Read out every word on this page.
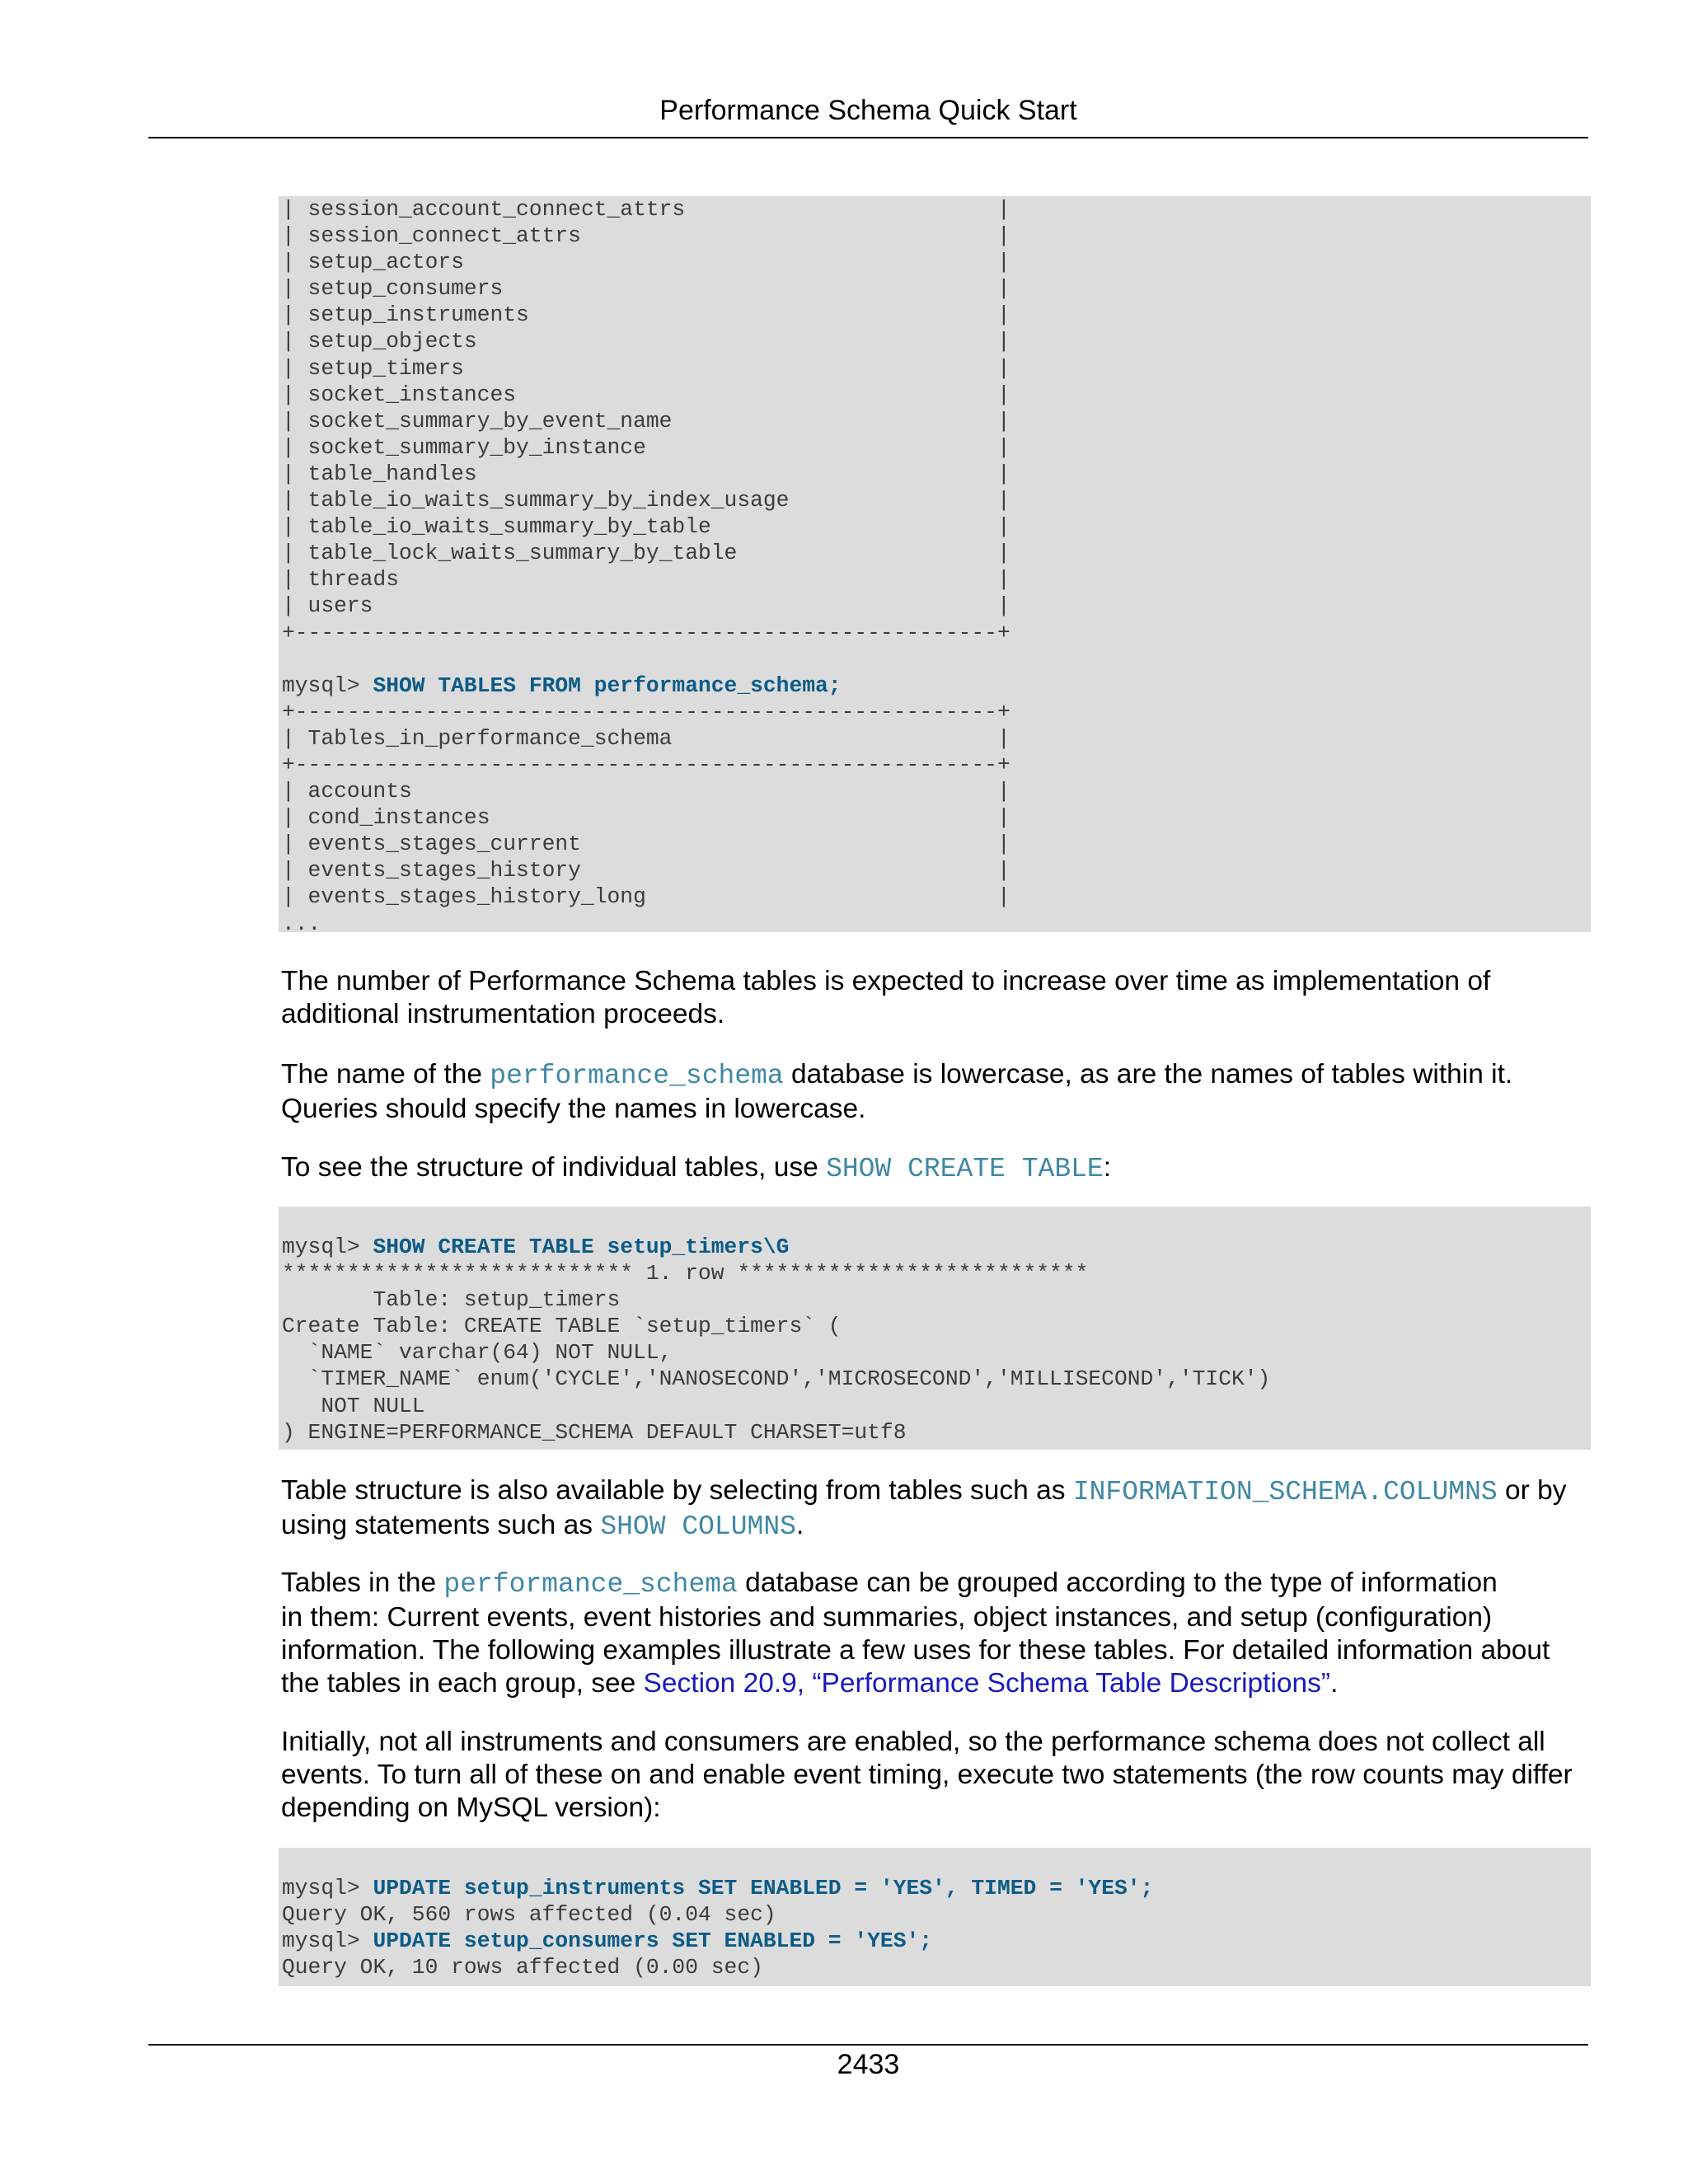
Performance Schema Quick Start
| session_account_connect_attrs                        |
| session_connect_attrs                                |
| setup_actors                                         |
| setup_consumers                                      |
| setup_instruments                                    |
| setup_objects                                        |
| setup_timers                                         |
| socket_instances                                     |
| socket_summary_by_event_name                         |
| socket_summary_by_instance                           |
| table_handles                                        |
| table_io_waits_summary_by_index_usage                |
| table_io_waits_summary_by_table                      |
| table_lock_waits_summary_by_table                    |
| threads                                              |
| users                                                |
+------------------------------------------------------+
mysql> SHOW TABLES FROM performance_schema;
+------------------------------------------------------+
| Tables_in_performance_schema                         |
+------------------------------------------------------+
| accounts                                             |
| cond_instances                                       |
| events_stages_current                                |
| events_stages_history                                |
| events_stages_history_long                           |
...

The number of Performance Schema tables is expected to increase over time as implementation of additional instrumentation proceeds.

The name of the performance_schema database is lowercase, as are the names of tables within it.
Queries should specify the names in lowercase.

To see the structure of individual tables, use SHOW CREATE TABLE:

mysql> SHOW CREATE TABLE setup_timers\G
*************************** 1. row ***************************
Table: setup_timers
Create Table: CREATE TABLE `setup_timers` (
`NAME` varchar(64) NOT NULL,
`TIMER_NAME` enum('CYCLE','NANOSECOND','MICROSECOND','MILLISECOND','TICK')
NOT NULL
) ENGINE=PERFORMANCE_SCHEMA DEFAULT CHARSET=utf8

Table structure is also available by selecting from tables such as INFORMATION_SCHEMA.COLUMNS or by
using statements such as SHOW COLUMNS.

Tables in the performance_schema database can be grouped according to the type of information
in them: Current events, event histories and summaries, object instances, and setup (configuration)
information. The following examples illustrate a few uses for these tables. For detailed information about
the tables in each group, see Section 20.9, “Performance Schema Table Descriptions”.

Initially, not all instruments and consumers are enabled, so the performance schema does not collect all
events. To turn all of these on and enable event timing, execute two statements (the row counts may differ
depending on MySQL version):

mysql> UPDATE setup_instruments SET ENABLED = 'YES', TIMED = 'YES';
Query OK, 560 rows affected (0.04 sec)
mysql> UPDATE setup_consumers SET ENABLED = 'YES';
Query OK, 10 rows affected (0.00 sec)
2433
